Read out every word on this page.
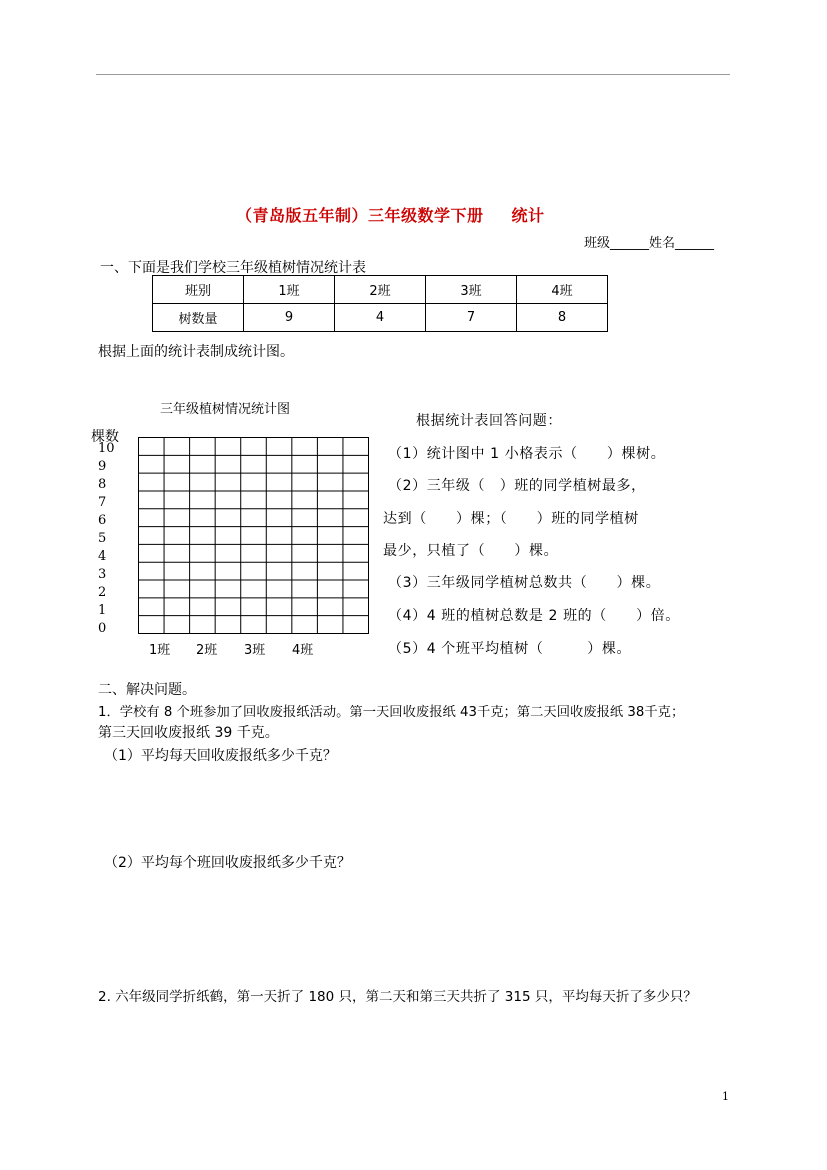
（青岛版五年制）三年级数学下册 统计
班级______姓名______
一、下面是我们学校三年级植树情况统计表
班别	1班	2班	3班	4班
树数量	9	4	7	8
根据上面的统计表制成统计图。
三年级植树情况统计图
棵数
10
9
8
7
6
5
4
3
2
1
0
1班 2班 3班 4班
根据统计表回答问题：
（1）统计图中 1 小格表示（　　）棵树。
（2）三年级（　）班的同学植树最多，
达到（　　）棵；（　　）班的同学植树
最少，只植了（　　）棵。
（3）三年级同学植树总数共（　　）棵。
（4）4 班的植树总数是 2 班的（　　）倍。
（5）4 个班平均植树（　　　）棵。
二、解决问题。
1．学校有 8 个班参加了回收废报纸活动。第一天回收废报纸 43千克；第二天回收废报纸 38千克；
第三天回收废报纸 39 千克。
（1）平均每天回收废报纸多少千克？
（2）平均每个班回收废报纸多少千克？
2. 六年级同学折纸鹤，第一天折了 180 只，第二天和第三天共折了 315 只，平均每天折了多少只？
1
